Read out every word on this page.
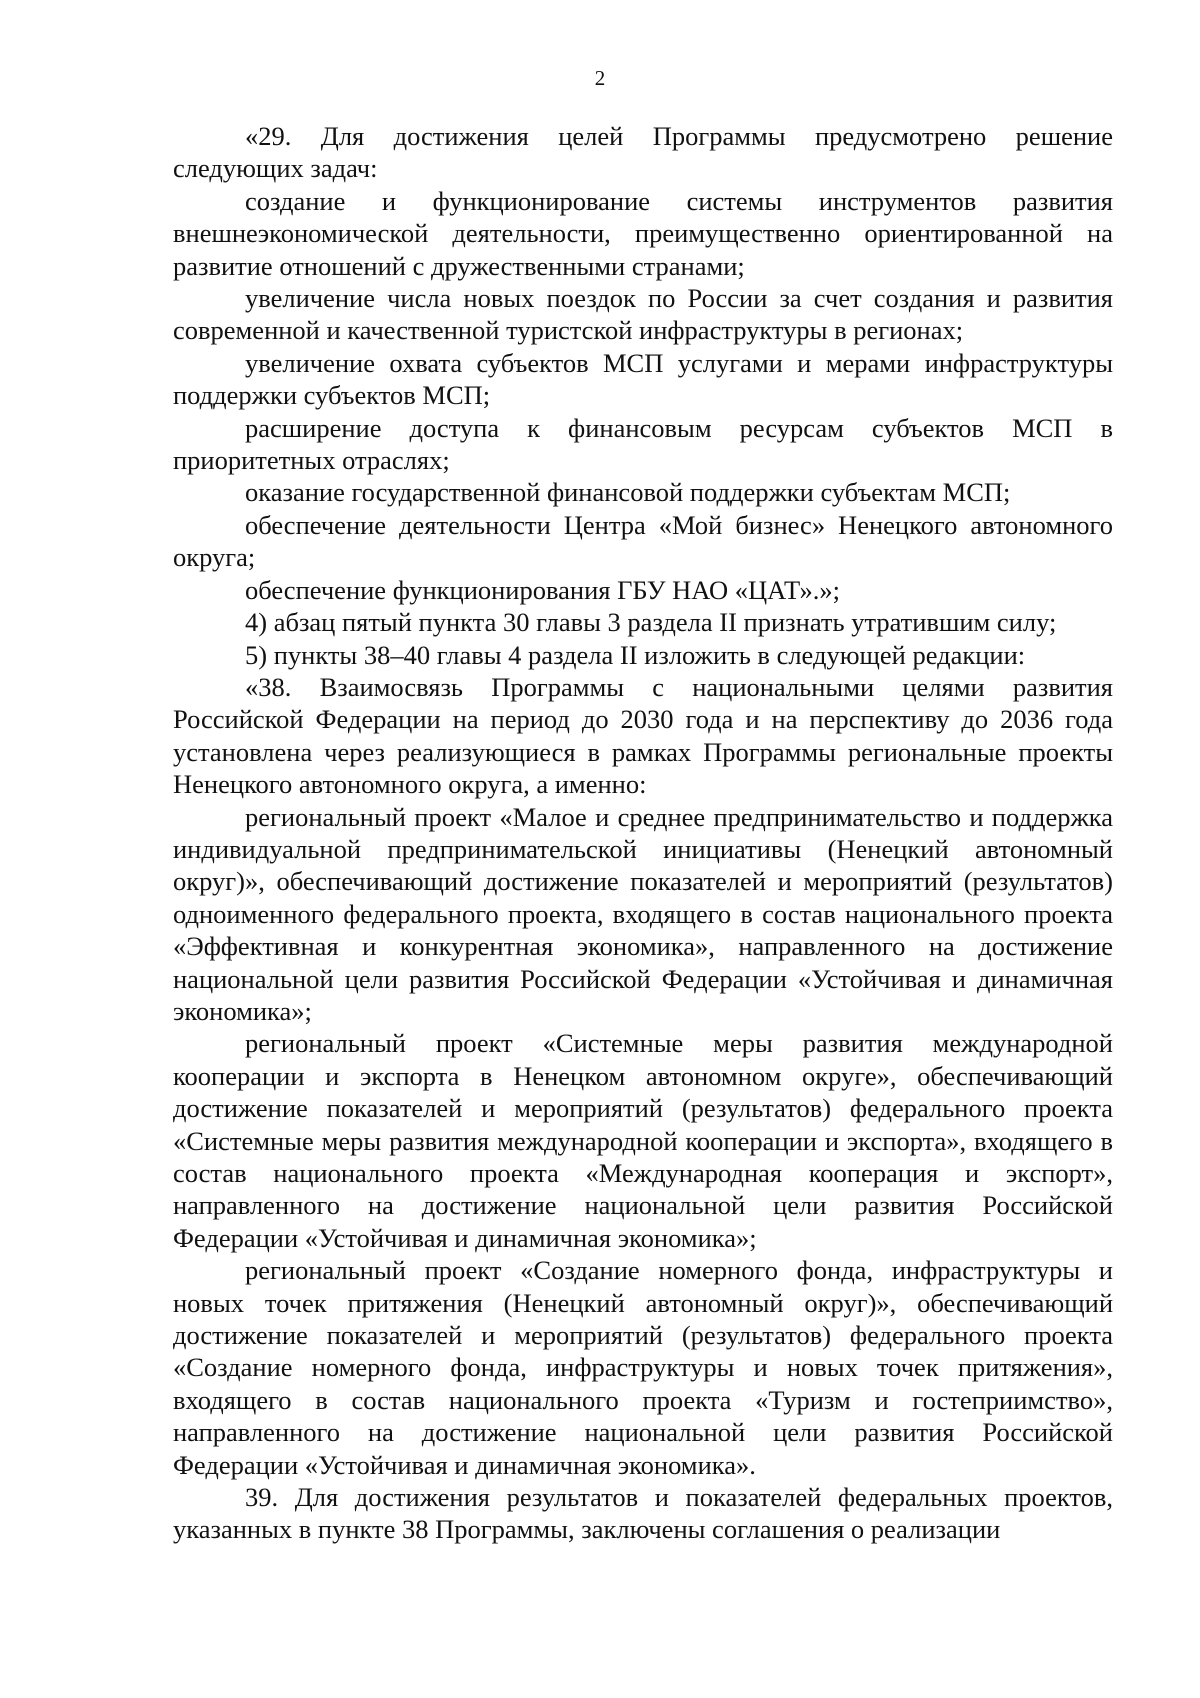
2

«29. Для достижения целей Программы предусмотрено решение следующих задач:

создание и функционирование системы инструментов развития внешнеэкономической деятельности, преимущественно ориентированной на развитие отношений с дружественными странами;

увеличение числа новых поездок по России за счет создания и развития современной и качественной туристской инфраструктуры в регионах;

увеличение охвата субъектов МСП услугами и мерами инфраструктуры поддержки субъектов МСП;

расширение доступа к финансовым ресурсам субъектов МСП в приоритетных отраслях;

оказание государственной финансовой поддержки субъектам МСП;

обеспечение деятельности Центра «Мой бизнес» Ненецкого автономного округа;

обеспечение функционирования ГБУ НАО «ЦАТ».»;

4) абзац пятый пункта 30 главы 3 раздела II признать утратившим силу;

5) пункты 38–40 главы 4 раздела II изложить в следующей редакции:

«38. Взаимосвязь Программы с национальными целями развития Российской Федерации на период до 2030 года и на перспективу до 2036 года установлена через реализующиеся в рамках Программы региональные проекты Ненецкого автономного округа, а именно:

региональный проект «Малое и среднее предпринимательство и поддержка индивидуальной предпринимательской инициативы (Ненецкий автономный округ)», обеспечивающий достижение показателей и мероприятий (результатов) одноименного федерального проекта, входящего в состав национального проекта «Эффективная и конкурентная экономика», направленного на достижение национальной цели развития Российской Федерации «Устойчивая и динамичная экономика»;

региональный проект «Системные меры развития международной кооперации и экспорта в Ненецком автономном округе», обеспечивающий достижение показателей и мероприятий (результатов) федерального проекта «Системные меры развития международной кооперации и экспорта», входящего в состав национального проекта «Международная кооперация и экспорт», направленного на достижение национальной цели развития Российской Федерации «Устойчивая и динамичная экономика»;

региональный проект «Создание номерного фонда, инфраструктуры и новых точек притяжения (Ненецкий автономный округ)», обеспечивающий достижение показателей и мероприятий (результатов) федерального проекта «Создание номерного фонда, инфраструктуры и новых точек притяжения», входящего в состав национального проекта «Туризм и гостеприимство», направленного на достижение национальной цели развития Российской Федерации «Устойчивая и динамичная экономика».

39. Для достижения результатов и показателей федеральных проектов, указанных в пункте 38 Программы, заключены соглашения о реализации
